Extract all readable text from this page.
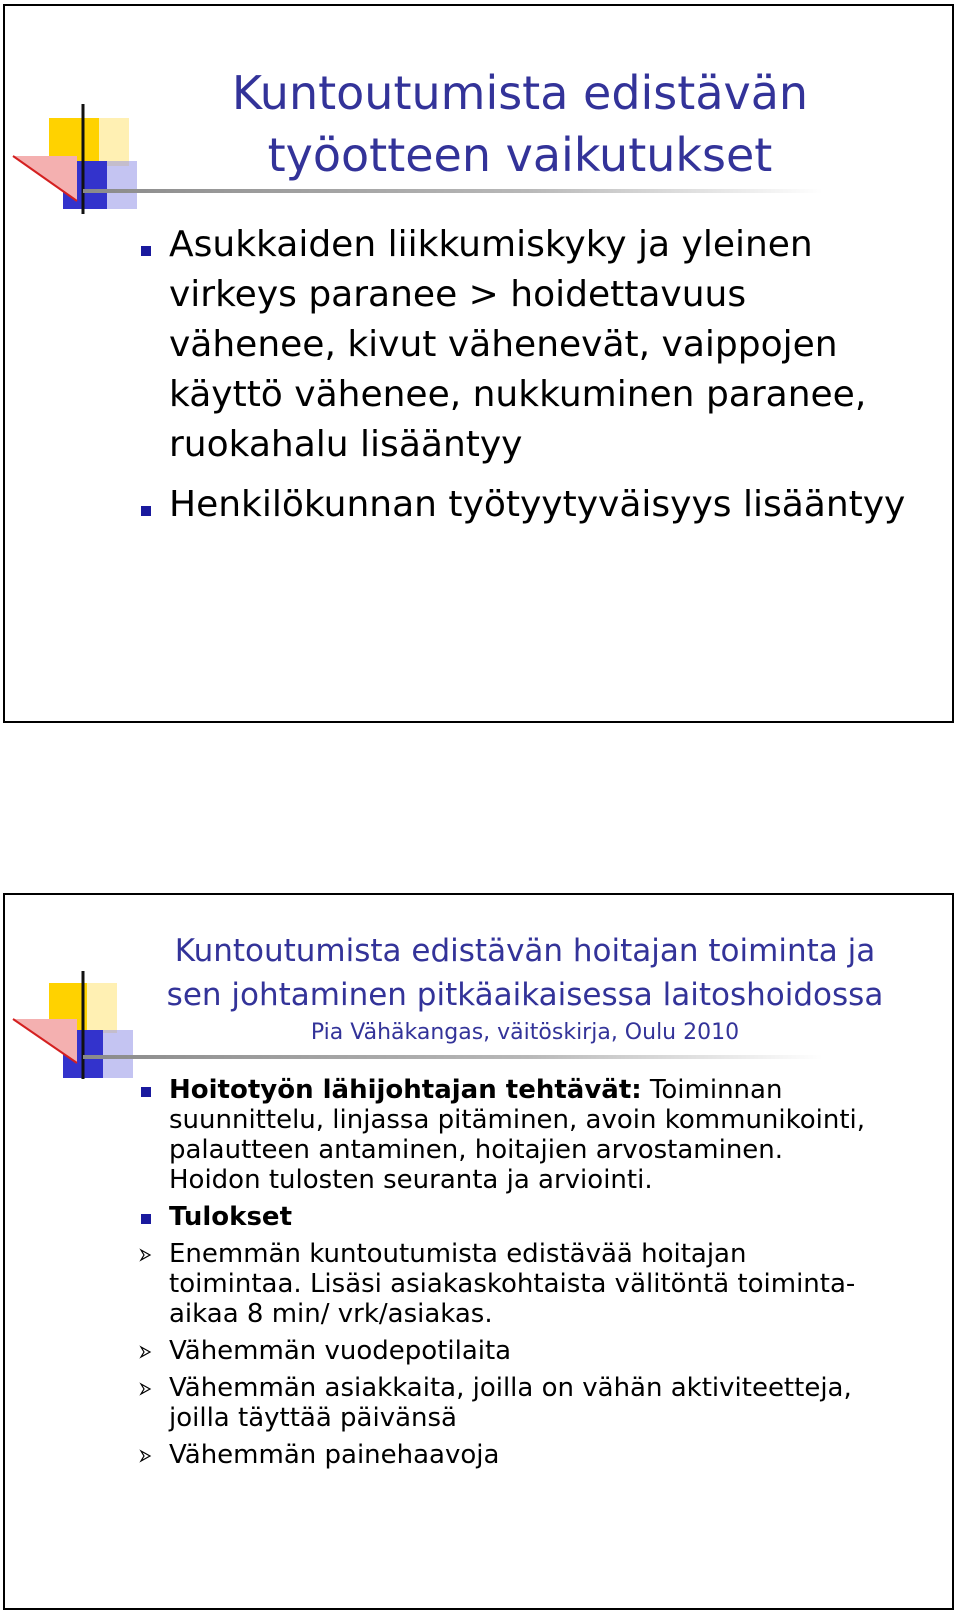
Kuntoutumista edistävän
työotteen vaikutukset
Asukkaiden liikkumiskyky ja yleinen
virkeys paranee > hoidettavuus
vähenee, kivut vähenevät, vaippojen
käyttö vähenee, nukkuminen paranee,
ruokahalu lisääntyy
Henkilökunnan työtyytyväisyys lisääntyy
Kuntoutumista edistävän hoitajan toiminta ja
sen johtaminen pitkäaikaisessa laitoshoidossa
Pia Vähäkangas, väitöskirja, Oulu 2010
Hoitotyön lähijohtajan tehtävät: Toiminnan
suunnittelu, linjassa pitäminen, avoin kommunikointi,
palautteen antaminen, hoitajien arvostaminen.
Hoidon tulosten seuranta ja arviointi.
Tulokset
Enemmän kuntoutumista edistävää hoitajan
toimintaa. Lisäsi asiakaskohtaista välitöntä toiminta-
aikaa 8 min/ vrk/asiakas.
Vähemmän vuodepotilaita
Vähemmän asiakkaita, joilla on vähän aktiviteetteja,
joilla täyttää päivänsä
Vähemmän painehaavoja
